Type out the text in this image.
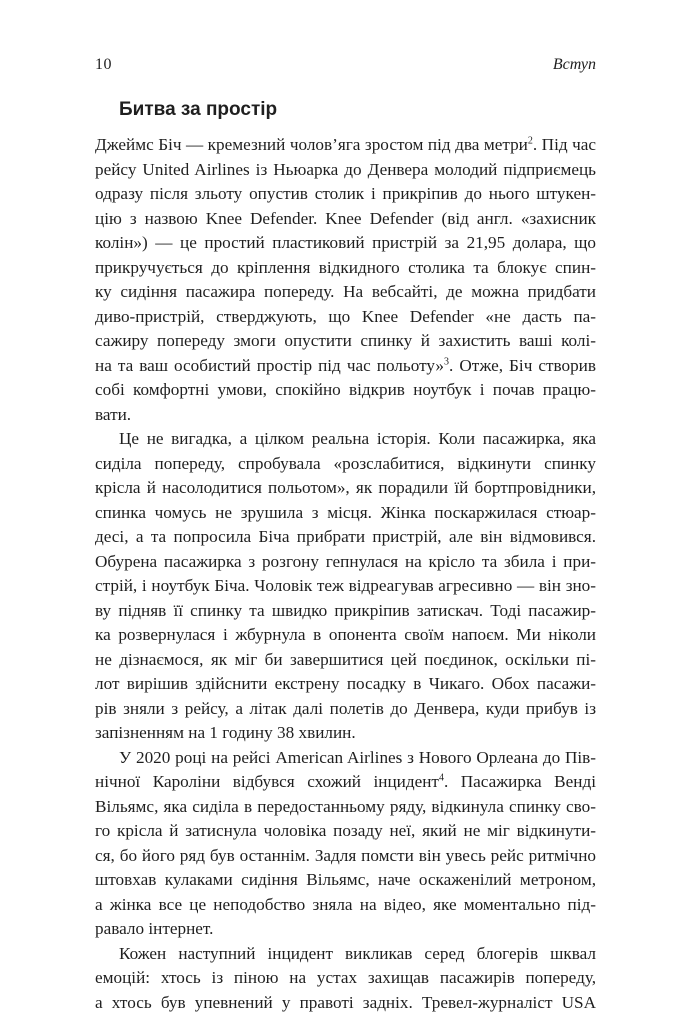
10	Вступ
Битва за простір
Джеймс Біч — кремезний чолов’яга зростом під два метри$^2$. Під час
рейсу United Airlines із Ньюарка до Денвера молодий підприємець
одразу після зльоту опустив столик і прикріпив до нього штукен-
цію з назвою Knee Defender. Knee Defender (від англ. «захисник
колін») — це простий пластиковий пристрій за 21,95 долара, що
прикручується до кріплення відкидного столика та блокує спин-
ку сидіння пасажира попереду. На вебсайті, де можна придбати
диво-пристрій, стверджують, що Knee Defender «не дасть па-
сажиру попереду змоги опустити спинку й захистить ваші колі-
на та ваш особистий простір під час польоту»$^3$. Отже, Біч створив
собі комфортні умови, спокійно відкрив ноутбук і почав працю-
вати.
Це не вигадка, а цілком реальна історія. Коли пасажирка, яка
сиділа попереду, спробувала «розслабитися, відкинути спинку
крісла й насолодитися польотом», як порадили їй бортпровідники,
спинка чомусь не зрушила з місця. Жінка поскаржилася стюар-
десі, а та попросила Біча прибрати пристрій, але він відмовився.
Обурена пасажирка з розгону гепнулася на крісло та збила і при-
стрій, і ноутбук Біча. Чоловік теж відреагував агресивно — він зно-
ву підняв її спинку та швидко прикріпив затискач. Тоді пасажир-
ка розвернулася і жбурнула в опонента своїм напоєм. Ми ніколи
не дізнаємося, як міг би завершитися цей поєдинок, оскільки пі-
лот вирішив здійснити екстрену посадку в Чикаго. Обох пасажи-
рів зняли з рейсу, а літак далі полетів до Денвера, куди прибув із
запізненням на 1 годину 38 хвилин.
У 2020 році на рейсі American Airlines з Нового Орлеана до Пів-
нічної Кароліни відбувся схожий інцидент$^4$. Пасажирка Венді
Вільямс, яка сиділа в передостанньому ряду, відкинула спинку сво-
го крісла й затиснула чоловіка позаду неї, який не міг відкинути-
ся, бо його ряд був останнім. Задля помсти він увесь рейс ритмічно
штовхав кулаками сидіння Вільямс, наче оскаженілий метроном,
а жінка все це неподобство зняла на відео, яке моментально під-
равало інтернет.
Кожен наступний інцидент викликав серед блогерів шквал
емоцій: хтось із піною на устах захищав пасажирів попереду,
а хтось був упевнений у правоті задніх. Тревел-журналіст USA
